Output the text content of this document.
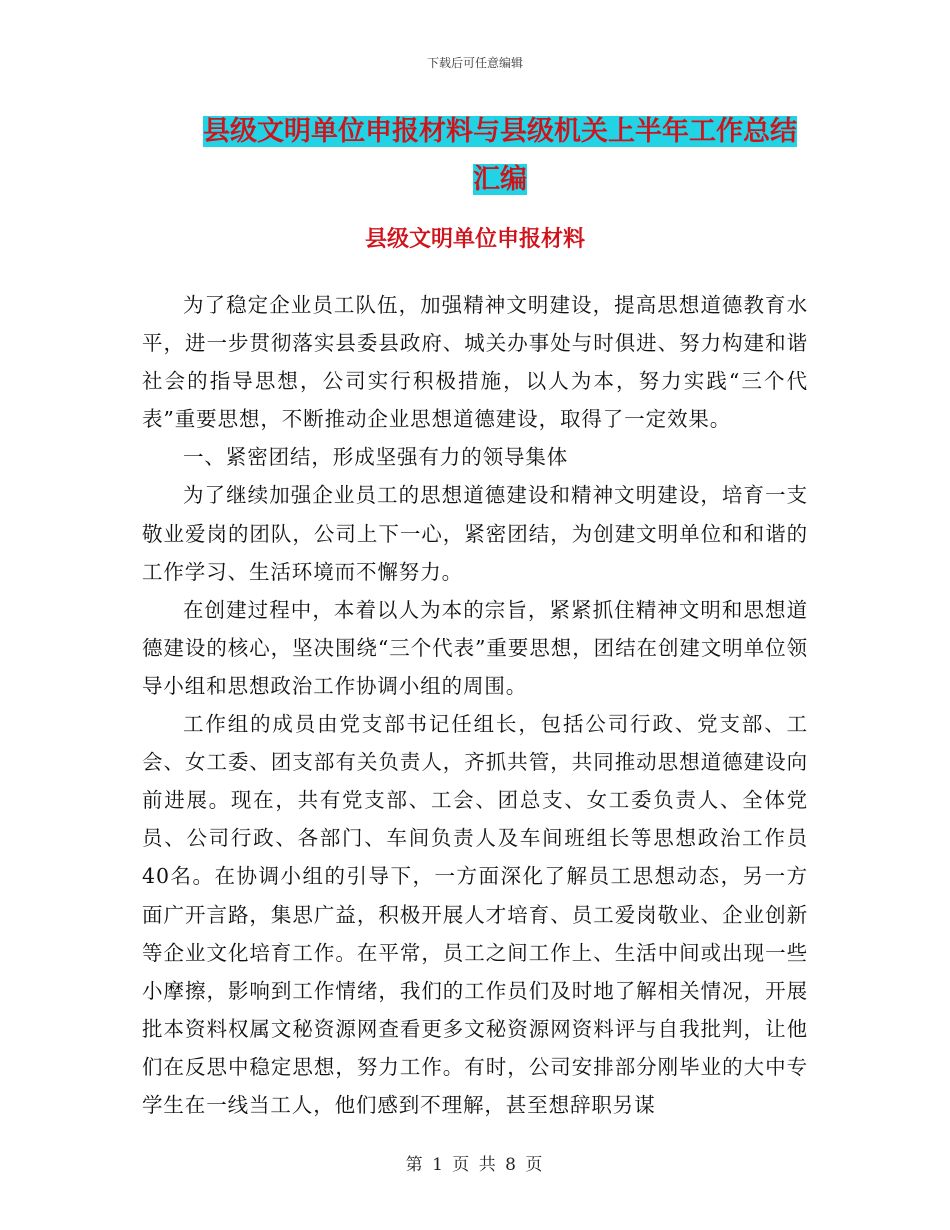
下载后可任意编辑
县级文明单位申报材料与县级机关上半年工作总结汇编
县级文明单位申报材料

为了稳定企业员工队伍，加强精神文明建设，提高思想道德教育水平，进一步贯彻落实县委县政府、城关办事处与时俱进、努力构建和谐社会的指导思想，公司实行积极措施，以人为本，努力实践“三个代表”重要思想，不断推动企业思想道德建设，取得了一定效果。

一、紧密团结，形成坚强有力的领导集体

为了继续加强企业员工的思想道德建设和精神文明建设，培育一支敬业爱岗的团队，公司上下一心，紧密团结，为创建文明单位和和谐的工作学习、生活环境而不懈努力。

在创建过程中，本着以人为本的宗旨，紧紧抓住精神文明和思想道德建设的核心，坚决围绕“三个代表”重要思想，团结在创建文明单位领导小组和思想政治工作协调小组的周围。

工作组的成员由党支部书记任组长，包括公司行政、党支部、工会、女工委、团支部有关负责人，齐抓共管，共同推动思想道德建设向前进展。现在，共有党支部、工会、团总支、女工委负责人、全体党员、公司行政、各部门、车间负责人及车间班组长等思想政治工作员40名。在协调小组的引导下，一方面深化了解员工思想动态，另一方面广开言路，集思广益，积极开展人才培育、员工爱岗敬业、企业创新等企业文化培育工作。在平常，员工之间工作上、生活中间或出现一些小摩擦，影响到工作情绪，我们的工作员们及时地了解相关情况，开展批本资料权属文秘资源网查看更多文秘资源网资料评与自我批判，让他们在反思中稳定思想，努力工作。有时，公司安排部分刚毕业的大中专学生在一线当工人，他们感到不理解，甚至想辞职另谋

第 1 页 共 8 页
